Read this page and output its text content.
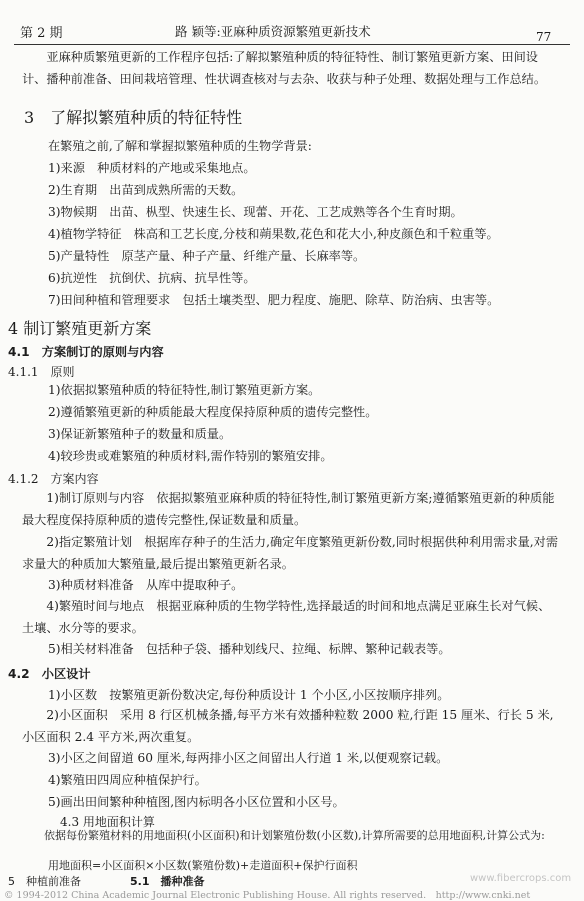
第 2 期	路 颖等:亚麻种质资源繁殖更新技术	77
亚麻种质繁殖更新的工作程序包括:了解拟繁殖种质的特征特性、制订繁殖更新方案、田间设计、播种前准备、田间栽培管理、性状调查核对与去杂、收获与种子处理、数据处理与工作总结。
3　了解拟繁殖种质的特征特性
在繁殖之前,了解和掌握拟繁殖种质的生物学背景:
1)来源　种质材料的产地或采集地点。
2)生育期　出苗到成熟所需的天数。
3)物候期　出苗、枞型、快速生长、现蕾、开花、工艺成熟等各个生育时期。
4)植物学特征　株高和工艺长度,分枝和蒴果数,花色和花大小,种皮颜色和千粒重等。
5)产量特性　原茎产量、种子产量、纤维产量、长麻率等。
6)抗逆性　抗倒伏、抗病、抗旱性等。
7)田间种植和管理要求　包括土壤类型、肥力程度、施肥、除草、防治病、虫害等。
4 制订繁殖更新方案
4.1　方案制订的原则与内容
4.1.1　原则
1)依据拟繁殖种质的特征特性,制订繁殖更新方案。
2)遵循繁殖更新的种质能最大程度保持原种质的遗传完整性。
3)保证新繁殖种子的数量和质量。
4)较珍贵或难繁殖的种质材料,需作特别的繁殖安排。
4.1.2　方案内容
1)制订原则与内容　依据拟繁殖亚麻种质的特征特性,制订繁殖更新方案;遵循繁殖更新的种质能最大程度保持原种质的遗传完整性,保证数量和质量。
2)指定繁殖计划　根据库存种子的生活力,确定年度繁殖更新份数,同时根据供种利用需求量,对需求量大的种质加大繁殖量,最后提出繁殖更新名录。
3)种质材料准备　从库中提取种子。
4)繁殖时间与地点　根据亚麻种质的生物学特性,选择最适的时间和地点满足亚麻生长对气候、土壤、水分等的要求。
5)相关材料准备　包括种子袋、播种划线尺、拉绳、标牌、繁种记载表等。
4.2　小区设计
1)小区数　按繁殖更新份数决定,每份种质设计 1 个小区,小区按顺序排列。
2)小区面积　采用 8 行区机械条播,每平方米有效播种粒数 2000 粒,行距 15 厘米、行长 5 米,小区面积 2.4 平方米,两次重复。
3)小区之间留道 60 厘米,每两排小区之间留出人行道 1 米,以便观察记载。
4)繁殖田四周应种植保护行。
5)画出田间繁种种植图,图内标明各小区位置和小区号。
4.3 用地面积计算
依据每份繁殖材料的用地面积(小区面积)和计划繁殖份数(小区数),计算所需要的总用地面积,计算公式为:
© 1994-2012 China Academic Journal Electronic Publishing House. All rights reserved.　http://www.cnki.net
www.fibercrops.com
用地面积=小区面积×小区数(繁殖份数)+走道面积+保护行面积
5　种植前准备	5.1　播种准备
